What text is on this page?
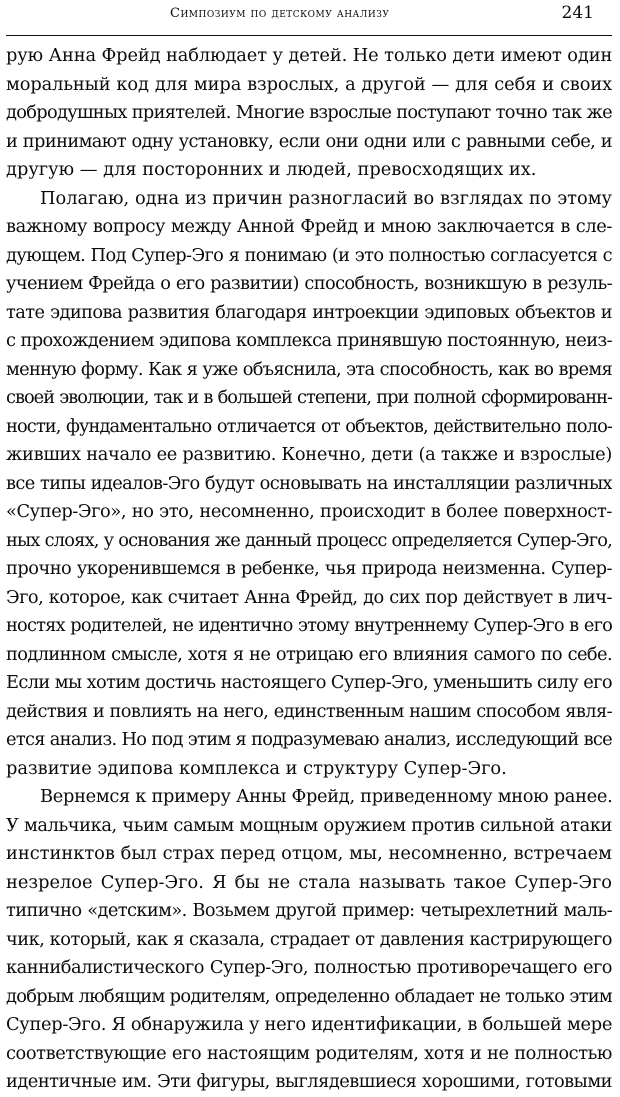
Симпозиум по детскому анализу	241
рую Анна Фрейд наблюдает у детей. Не только дети имеют один
моральный код для мира взрослых, а другой — для себя и своих
добродушных приятелей. Многие взрослые поступают точно так же
и принимают одну установку, если они одни или с равными себе, и
другую — для посторонних и людей, превосходящих их.
Полагаю, одна из причин разногласий во взглядах по этому
важному вопросу между Анной Фрейд и мною заключается в сле-
дующем. Под Супер-Эго я понимаю (и это полностью согласуется с
учением Фрейда о его развитии) способность, возникшую в резуль-
тате эдипова развития благодаря интроекции эдиповых объектов и
с прохождением эдипова комплекса принявшую постоянную, неиз-
менную форму. Как я уже объяснила, эта способность, как во время
своей эволюции, так и в большей степени, при полной сформированн-
ности, фундаментально отличается от объектов, действительно поло-
живших начало ее развитию. Конечно, дети (а также и взрослые)
все типы идеалов-Эго будут основывать на инсталляции различных
«Супер-Эго», но это, несомненно, происходит в более поверхност-
ных слоях, у основания же данный процесс определяется Супер-Эго,
прочно укоренившемся в ребенке, чья природа неизменна. Супер-
Эго, которое, как считает Анна Фрейд, до сих пор действует в лич-
ностях родителей, не идентично этому внутреннему Супер-Эго в его
подлинном смысле, хотя я не отрицаю его влияния самого по себе.
Если мы хотим достичь настоящего Супер-Эго, уменьшить силу его
действия и повлиять на него, единственным нашим способом явля-
ется анализ. Но под этим я подразумеваю анализ, исследующий все
развитие эдипова комплекса и структуру Супер-Эго.
Вернемся к примеру Анны Фрейд, приведенному мною ранее.
У мальчика, чьим самым мощным оружием против сильной атаки
инстинктов был страх перед отцом, мы, несомненно, встречаем
незрелое Супер-Эго. Я бы не стала называть такое Супер-Эго
типично «детским». Возьмем другой пример: четырехлетний маль-
чик, который, как я сказала, страдает от давления кастрирующего
каннибалистического Супер-Эго, полностью противоречащего его
добрым любящим родителям, определенно обладает не только этим
Супер-Эго. Я обнаружила у него идентификации, в большей мере
соответствующие его настоящим родителям, хотя и не полностью
идентичные им. Эти фигуры, выглядевшиеся хорошими, готовыми
